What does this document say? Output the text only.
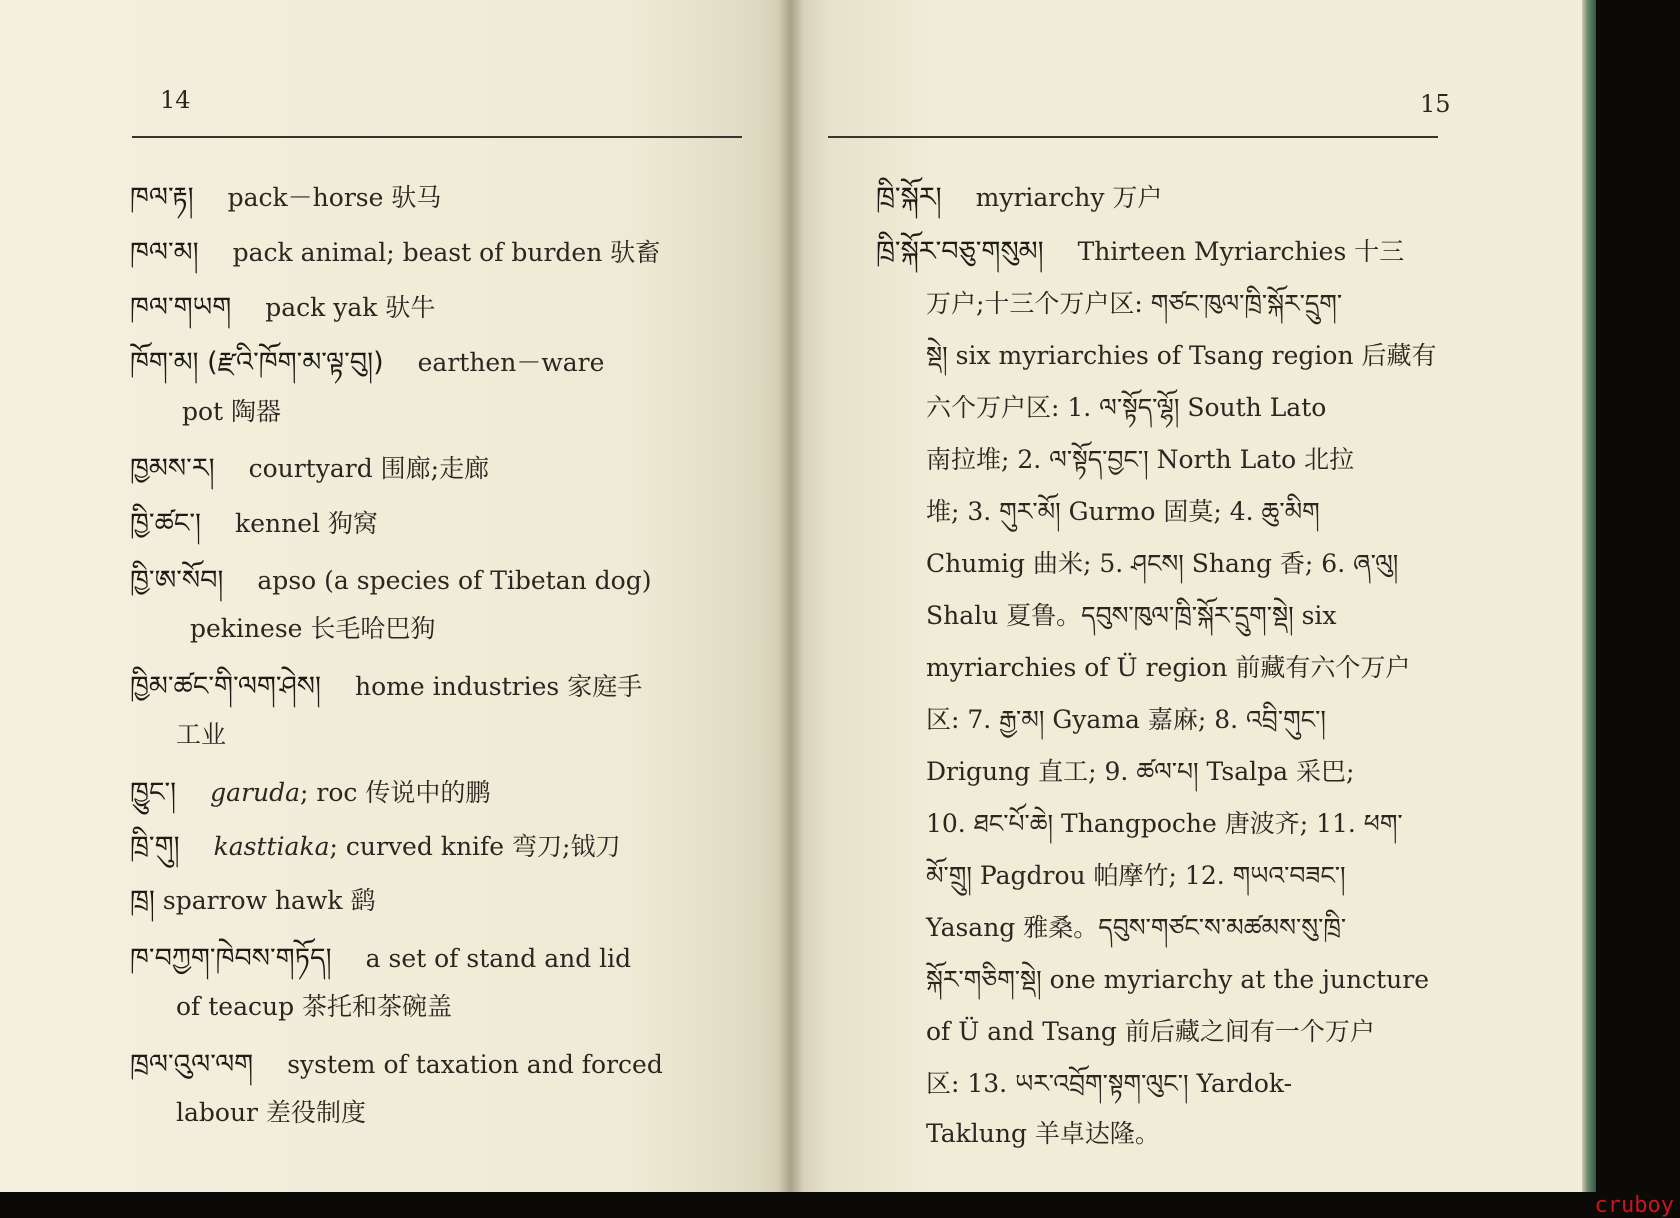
14
ཁལ་རྟ། pack－horse 驮马
ཁལ་མ། pack animal; beast of burden 驮畜
ཁལ་གཡག pack yak 驮牛
ཁོག་མ། (རྫའི་ཁོག་མ་ལྟ་བུ།) earthen－ware
pot 陶器
ཁྱམས་ར། courtyard 围廊;走廊
ཁྱི་ཚང་། kennel 狗窝
ཁྱི་ཨ་སོབ། apso (a species of Tibetan dog)
pekinese 长毛哈巴狗
ཁྱིམ་ཚང་གི་ལག་ཤེས། home industries 家庭手
工业
ཁྱུང་། garuda; roc 传说中的鹏
ཁྲི་གུ། kasttiaka; curved knife 弯刀;钺刀
ཁྲ། sparrow hawk 鹞
ཁ་བཀྱག་ཁེབས་གཏོད། a set of stand and lid
of teacup 茶托和茶碗盖
ཁྲལ་འུལ་ལག system of taxation and forced
labour 差役制度
15
ཁྲི་སྐོར། myriarchy 万户
ཁྲི་སྐོར་བཅུ་གསུམ། Thirteen Myriarchies 十三
万户;十三个万户区: གཙང་ཁུལ་ཁྲི་སྐོར་དྲུག་
སྡེ། six myriarchies of Tsang region 后藏有
六个万户区: 1. ལ་སྟོད་ལྷོ། South Lato
南拉堆; 2. ལ་སྟོད་བྱང་། North Lato 北拉
堆; 3. གུར་མོ། Gurmo 固莫; 4. ཆུ་མིག
Chumig 曲米; 5. ཤངས། Shang 香; 6. ཞ་ལུ།
Shalu 夏鲁。དབུས་ཁུལ་ཁྲི་སྐོར་དྲུག་སྡེ། six
myriarchies of Ü region 前藏有六个万户
区: 7. རྒྱ་མ། Gyama 嘉麻; 8. འབྲི་གུང་།
Drigung 直工; 9. ཚལ་པ། Tsalpa 采巴;
10. ཐང་པོ་ཆེ། Thangpoche 唐波齐; 11. ཕག་
མོ་གྲུ། Pagdrou 帕摩竹; 12. གཡའ་བཟང་།
Yasang 雅桑。དབུས་གཙང་ས་མཚམས་སུ་ཁྲི་
སྐོར་གཅིག་སྡེ། one myriarchy at the juncture
of Ü and Tsang 前后藏之间有一个万户
区: 13. ཡར་འབྲོག་སྟག་ལུང་། Yardok-
Taklung 羊卓达隆。
cruboy
